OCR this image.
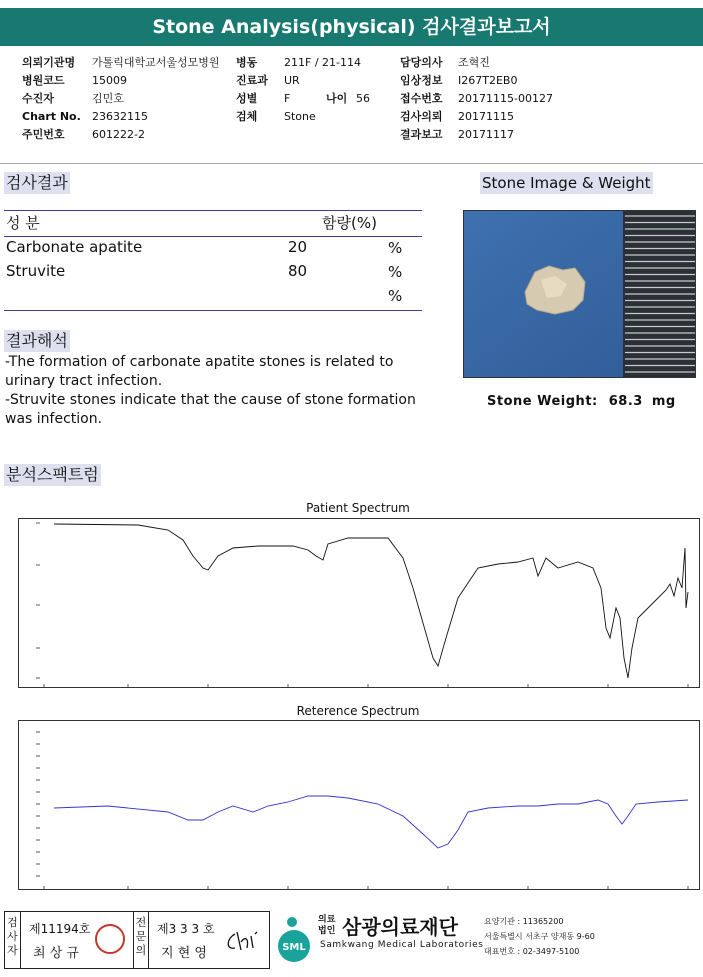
Stone Analysis(physical) 검사결과보고서
의뢰기관명 가톨릭대학교서울성모병원
병원코드 15009
수진자	김민호
Chart No. 23632115
주민번호 601222-2
병동 211F / 21-114
진료과 UR
성별 F	나이 56
검체 Stone
담당의사 조혁진
임상정보 I267T2EB0
접수번호 20171115-00127
검사의뢰 20171115
결과보고 20171117
검사결과
성 분	함량(%)
Carbonate apatite	20	%
Struvite	80	%
%
Stone Image & Weight
Stone Weight: 68.3 mg
결과해석
-The formation of carbonate apatite stones is related to urinary tract infection.
-Struvite stones indicate that the cause of stone formation was infection.
분석스팩트럼
Patient Spectrum
Reterence Spectrum
검사자
제11194호
최 상 규
전문의
제3 3 3 호
지 현 영	SML
의료
법인 삼광의료재단
Samkwang Medical Laboratories
요양기관 : 11365200
서울특별시 서초구 양재동 9-60
대표번호 : 02-3497-5100
